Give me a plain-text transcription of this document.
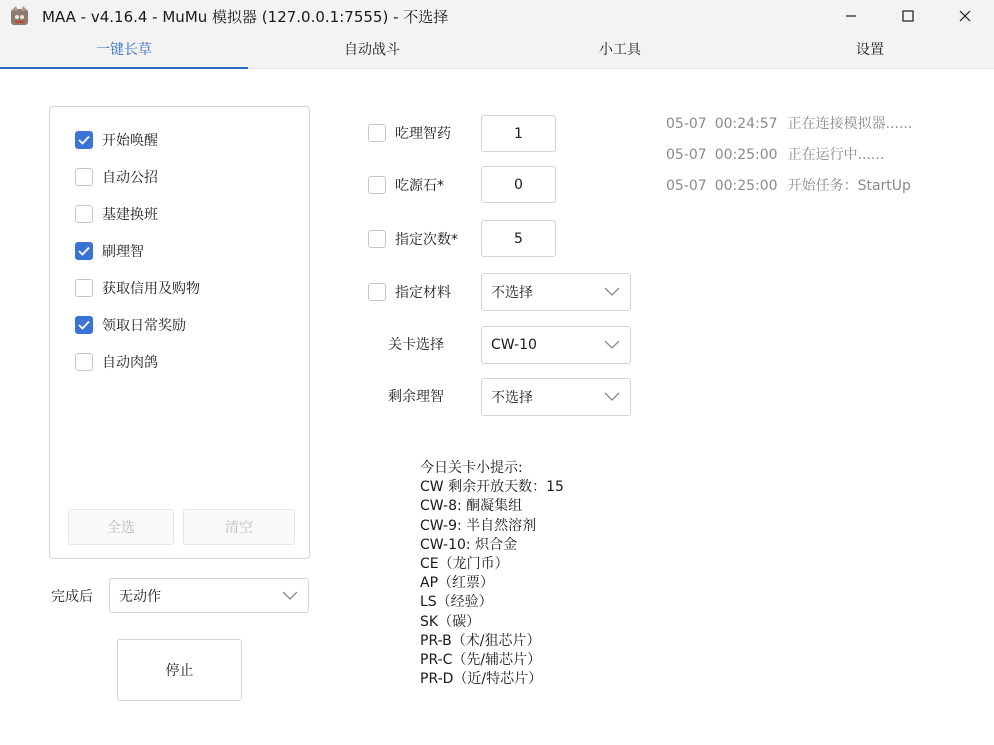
MAA - v4.16.4 - MuMu 模拟器 (127.0.0.1:7555) - 不选择
一键长草	自动战斗	小工具	设置
开始唤醒
自动公招
基建换班
刷理智
获取信用及购物
领取日常奖励
自动肉鸽
全选	清空
完成后 无动作
停止
吃理智药	1
吃源石*	0
指定次数*	5
指定材料	不选择
关卡选择	CW-10
剩余理智	不选择
今日关卡小提示:
CW 剩余开放天数：15
CW-8: 酮凝集组
CW-9: 半自然溶剂
CW-10: 炽合金
CE（龙门币）
AP（红票）
LS（经验）
SK（碳）
PR-B（术/狙芯片）
PR-C（先/辅芯片）
PR-D（近/特芯片）
05-07 00:24:57 正在连接模拟器......
05-07 00:25:00 正在运行中......
05-07 00:25:00 开始任务：StartUp
